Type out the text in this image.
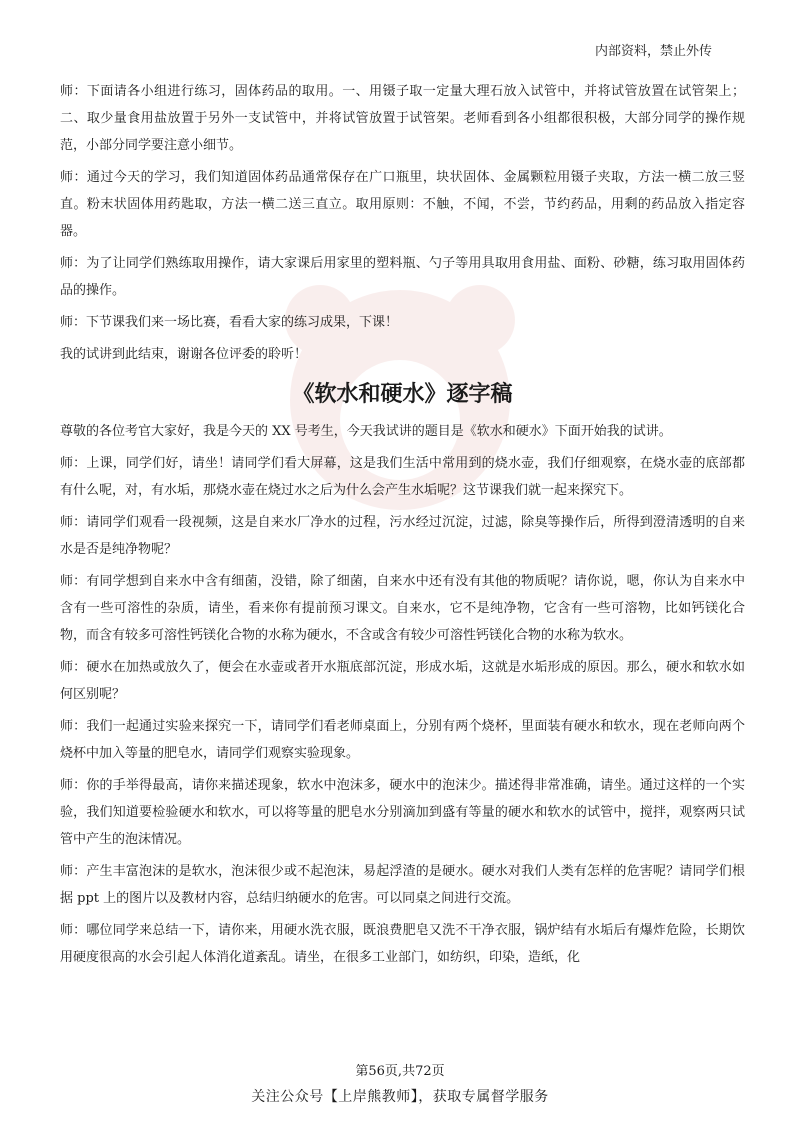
内部资料，禁止外传

师：下面请各小组进行练习，固体药品的取用。一、用镊子取一定量大理石放入试管中，并将试管放置在试管架上；二、取少量食用盐放置于另外一支试管中，并将试管放置于试管架。老师看到各小组都很积极，大部分同学的操作规范，小部分同学要注意小细节。

师：通过今天的学习，我们知道固体药品通常保存在广口瓶里，块状固体、金属颗粒用镊子夹取，方法一横二放三竖直。粉末状固体用药匙取，方法一横二送三直立。取用原则：不触，不闻，不尝，节约药品，用剩的药品放入指定容器。

师：为了让同学们熟练取用操作，请大家课后用家里的塑料瓶、勺子等用具取用食用盐、面粉、砂糖，练习取用固体药品的操作。

师：下节课我们来一场比赛，看看大家的练习成果，下课！

我的试讲到此结束，谢谢各位评委的聆听！

《软水和硬水》逐字稿

尊敬的各位考官大家好，我是今天的 XX 号考生，今天我试讲的题目是《软水和硬水》下面开始我的试讲。

师：上课，同学们好，请坐！请同学们看大屏幕，这是我们生活中常用到的烧水壶，我们仔细观察，在烧水壶的底部都有什么呢，对，有水垢，那烧水壶在烧过水之后为什么会产生水垢呢？这节课我们就一起来探究下。

师：请同学们观看一段视频，这是自来水厂净水的过程，污水经过沉淀，过滤，除臭等操作后，所得到澄清透明的自来水是否是纯净物呢？

师：有同学想到自来水中含有细菌，没错，除了细菌，自来水中还有没有其他的物质呢？请你说，嗯，你认为自来水中含有一些可溶性的杂质，请坐，看来你有提前预习课文。自来水，它不是纯净物，它含有一些可溶物，比如钙镁化合物，而含有较多可溶性钙镁化合物的水称为硬水，不含或含有较少可溶性钙镁化合物的水称为软水。

师：硬水在加热或放久了，便会在水壶或者开水瓶底部沉淀，形成水垢，这就是水垢形成的原因。那么，硬水和软水如何区别呢？

师：我们一起通过实验来探究一下，请同学们看老师桌面上，分别有两个烧杯，里面装有硬水和软水，现在老师向两个烧杯中加入等量的肥皂水，请同学们观察实验现象。

师：你的手举得最高，请你来描述现象，软水中泡沫多，硬水中的泡沫少。描述得非常准确，请坐。通过这样的一个实验，我们知道要检验硬水和软水，可以将等量的肥皂水分别滴加到盛有等量的硬水和软水的试管中，搅拌，观察两只试管中产生的泡沫情况。

师：产生丰富泡沫的是软水，泡沫很少或不起泡沫，易起浮渣的是硬水。硬水对我们人类有怎样的危害呢？请同学们根据 ppt 上的图片以及教材内容，总结归纳硬水的危害。可以同桌之间进行交流。

师：哪位同学来总结一下，请你来，用硬水洗衣服，既浪费肥皂又洗不干净衣服，锅炉结有水垢后有爆炸危险，长期饮用硬度很高的水会引起人体消化道紊乱。请坐，在很多工业部门，如纺织，印染，造纸，化

第56页,共72页
关注公众号【上岸熊教师】，获取专属督学服务
